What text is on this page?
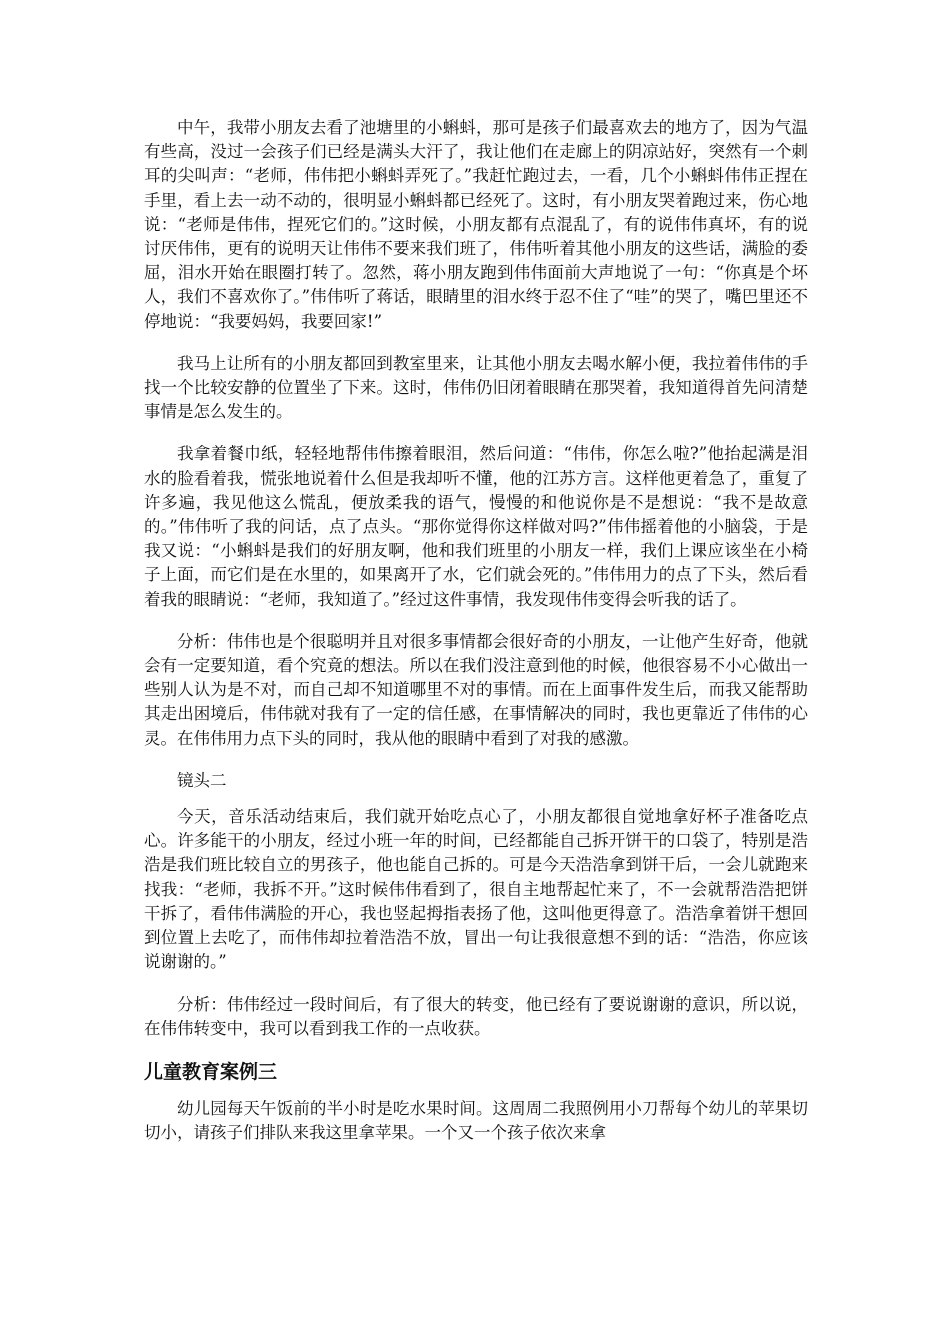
中午，我带小朋友去看了池塘里的小蝌蚪，那可是孩子们最喜欢去的地方了，因为气温有些高，没过一会孩子们已经是满头大汗了，我让他们在走廊上的阴凉站好，突然有一个刺耳的尖叫声：“老师，伟伟把小蝌蚪弄死了。”我赶忙跑过去，一看，几个小蝌蚪伟伟正捏在手里，看上去一动不动的，很明显小蝌蚪都已经死了。这时，有小朋友哭着跑过来，伤心地说：“老师是伟伟，捏死它们的。”这时候，小朋友都有点混乱了，有的说伟伟真坏，有的说讨厌伟伟，更有的说明天让伟伟不要来我们班了，伟伟听着其他小朋友的这些话，满脸的委屈，泪水开始在眼圈打转了。忽然，蒋小朋友跑到伟伟面前大声地说了一句：“你真是个坏人，我们不喜欢你了。”伟伟听了蒋话，眼睛里的泪水终于忍不住了“哇”的哭了，嘴巴里还不停地说：“我要妈妈，我要回家!”

我马上让所有的小朋友都回到教室里来，让其他小朋友去喝水解小便，我拉着伟伟的手找一个比较安静的位置坐了下来。这时，伟伟仍旧闭着眼睛在那哭着，我知道得首先问清楚事情是怎么发生的。

我拿着餐巾纸，轻轻地帮伟伟擦着眼泪，然后问道：“伟伟，你怎么啦?”他抬起满是泪水的脸看着我，慌张地说着什么但是我却听不懂，他的江苏方言。这样他更着急了，重复了许多遍，我见他这么慌乱，便放柔我的语气，慢慢的和他说你是不是想说：“我不是故意的。”伟伟听了我的问话，点了点头。“那你觉得你这样做对吗?”伟伟摇着他的小脑袋，于是我又说：“小蝌蚪是我们的好朋友啊，他和我们班里的小朋友一样，我们上课应该坐在小椅子上面，而它们是在水里的，如果离开了水，它们就会死的。”伟伟用力的点了下头，然后看着我的眼睛说：“老师，我知道了。”经过这件事情，我发现伟伟变得会听我的话了。

分析：伟伟也是个很聪明并且对很多事情都会很好奇的小朋友，一让他产生好奇，他就会有一定要知道，看个究竟的想法。所以在我们没注意到他的时候，他很容易不小心做出一些别人认为是不对，而自己却不知道哪里不对的事情。而在上面事件发生后，而我又能帮助其走出困境后，伟伟就对我有了一定的信任感，在事情解决的同时，我也更靠近了伟伟的心灵。在伟伟用力点下头的同时，我从他的眼睛中看到了对我的感激。

镜头二

今天，音乐活动结束后，我们就开始吃点心了，小朋友都很自觉地拿好杯子准备吃点心。许多能干的小朋友，经过小班一年的时间，已经都能自己拆开饼干的口袋了，特别是浩浩是我们班比较自立的男孩子，他也能自己拆的。可是今天浩浩拿到饼干后，一会儿就跑来找我：“老师，我拆不开。”这时候伟伟看到了，很自主地帮起忙来了，不一会就帮浩浩把饼干拆了，看伟伟满脸的开心，我也竖起拇指表扬了他，这叫他更得意了。浩浩拿着饼干想回到位置上去吃了，而伟伟却拉着浩浩不放，冒出一句让我很意想不到的话：“浩浩，你应该说谢谢的。”

分析：伟伟经过一段时间后，有了很大的转变，他已经有了要说谢谢的意识，所以说，在伟伟转变中，我可以看到我工作的一点收获。

儿童教育案例三

幼儿园每天午饭前的半小时是吃水果时间。这周周二我照例用小刀帮每个幼儿的苹果切切小，请孩子们排队来我这里拿苹果。一个又一个孩子依次来拿
